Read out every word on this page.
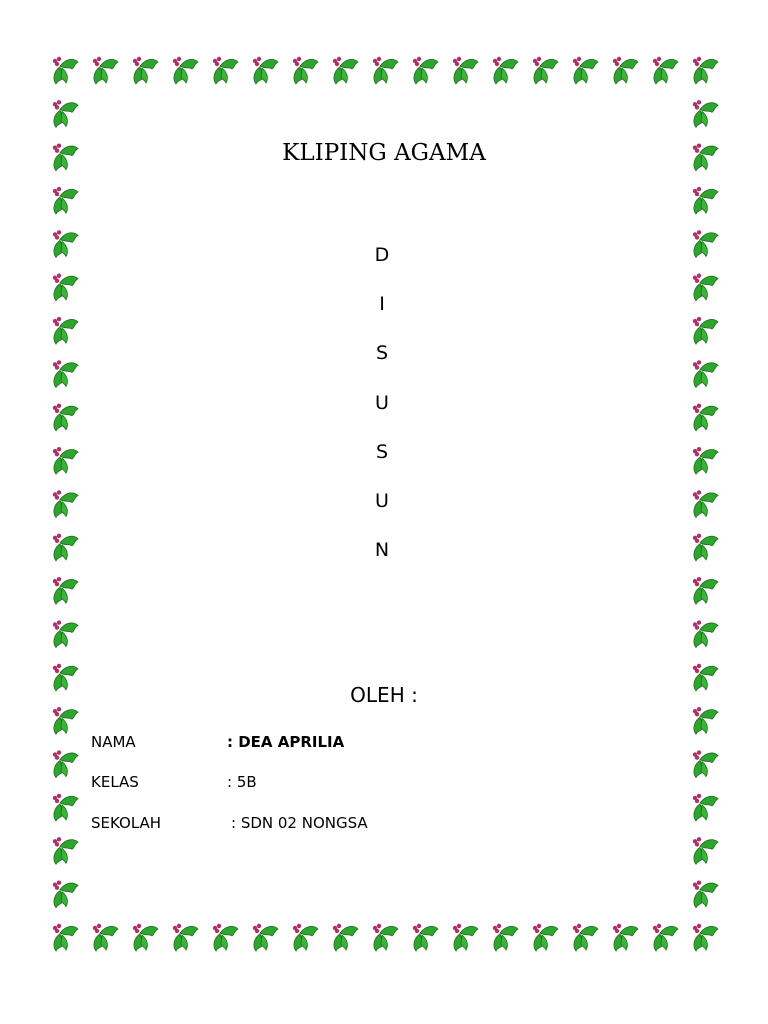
KLIPING AGAMA
D
I
S
U
S
U
N
OLEH :
NAMA	: DEA APRILIA
KELAS	: 5B
SEKOLAH	: SDN 02 NONGSA
